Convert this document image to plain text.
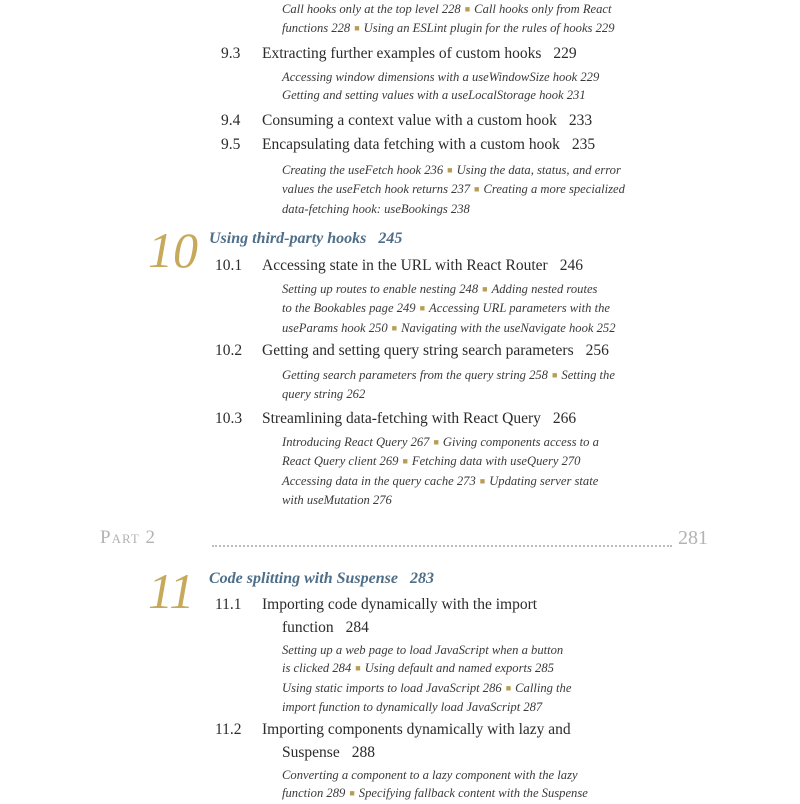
Call hooks only at the top level 228 ■ Call hooks only from React
functions 228 ■ Using an ESLint plugin for the rules of hooks 229
9.3 Extracting further examples of custom hooks 229
Accessing window dimensions with a useWindowSize hook 229
Getting and setting values with a useLocalStorage hook 231
9.4 Consuming a context value with a custom hook 233
9.5 Encapsulating data fetching with a custom hook 235
Creating the useFetch hook 236 ■ Using the data, status, and error
values the useFetch hook returns 237 ■ Creating a more specialized
data-fetching hook: useBookings 238
10 Using third-party hooks 245
10.1 Accessing state in the URL with React Router 246
Setting up routes to enable nesting 248 ■ Adding nested routes
to the Bookables page 249 ■ Accessing URL parameters with the
useParams hook 250 ■ Navigating with the useNavigate hook 252
10.2 Getting and setting query string search parameters 256
Getting search parameters from the query string 258 ■ Setting the
query string 262
10.3 Streamlining data-fetching with React Query 266
Introducing React Query 267 ■ Giving components access to a
React Query client 269 ■ Fetching data with useQuery 270
Accessing data in the query cache 273 ■ Updating server state
with useMutation 276
Part 2	281
11 Code splitting with Suspense 283
11.1 Importing code dynamically with the import
function 284
Setting up a web page to load JavaScript when a button
is clicked 284 ■ Using default and named exports 285
Using static imports to load JavaScript 286 ■ Calling the
import function to dynamically load JavaScript 287
11.2 Importing components dynamically with lazy and
Suspense 288
Converting a component to a lazy component with the lazy
function 289 ■ Specifying fallback content with the Suspense
